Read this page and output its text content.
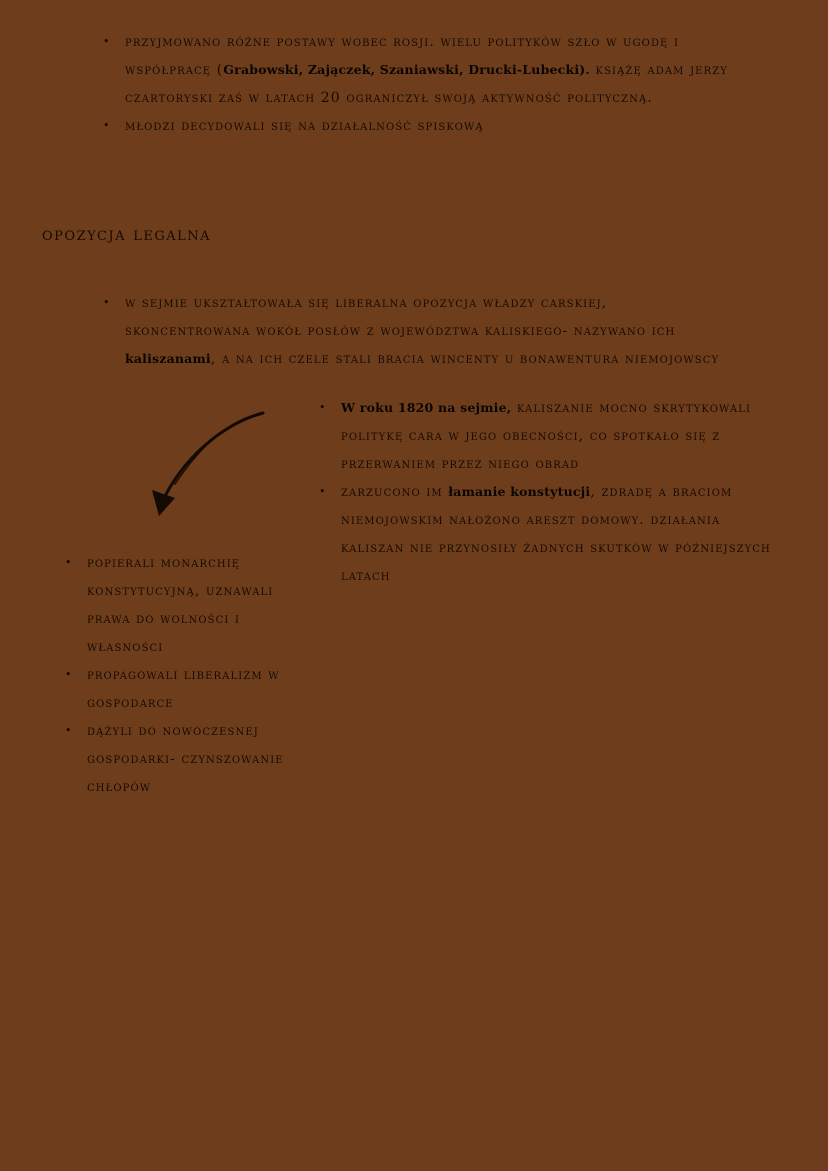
• przyjmowano różne postawy wobec rosji. wielu polityków szło w ugodę i współpracę (Grabowski, Zajączek, Szaniawski, Drucki-Lubecki). książę adam jerzy czartoryski zaś w latach 20 ograniczył swoją aktywność polityczną.
• młodzi decydowali się na działalność spiskową
opozycja legalna
• w sejmie ukształtowała się liberalna opozycja władzy carskiej, skoncentrowana wokół posłów z województwa kaliskiego- nazywano ich kaliszanami, a na ich czele stali bracia wincenty u bonawentura niemojowscy
• W roku 1820 na sejmie, kaliszanie mocno skrytykowali politykę cara w jego obecności, co spotkało się z przerwaniem przez niego obrad
• zarzucono im łamanie konstytucji, zdradę a braciom niemojowskim nałożono areszt domowy. działania kaliszan nie przynosiły żadnych skutków w późniejszych latach
• popierali monarchię konstytucyjną, uznawali prawa do wolności i własności
• propagowali liberalizm w gospodarce
• dążyli do nowoczesnej gospodarki- czynszowanie chłopów
